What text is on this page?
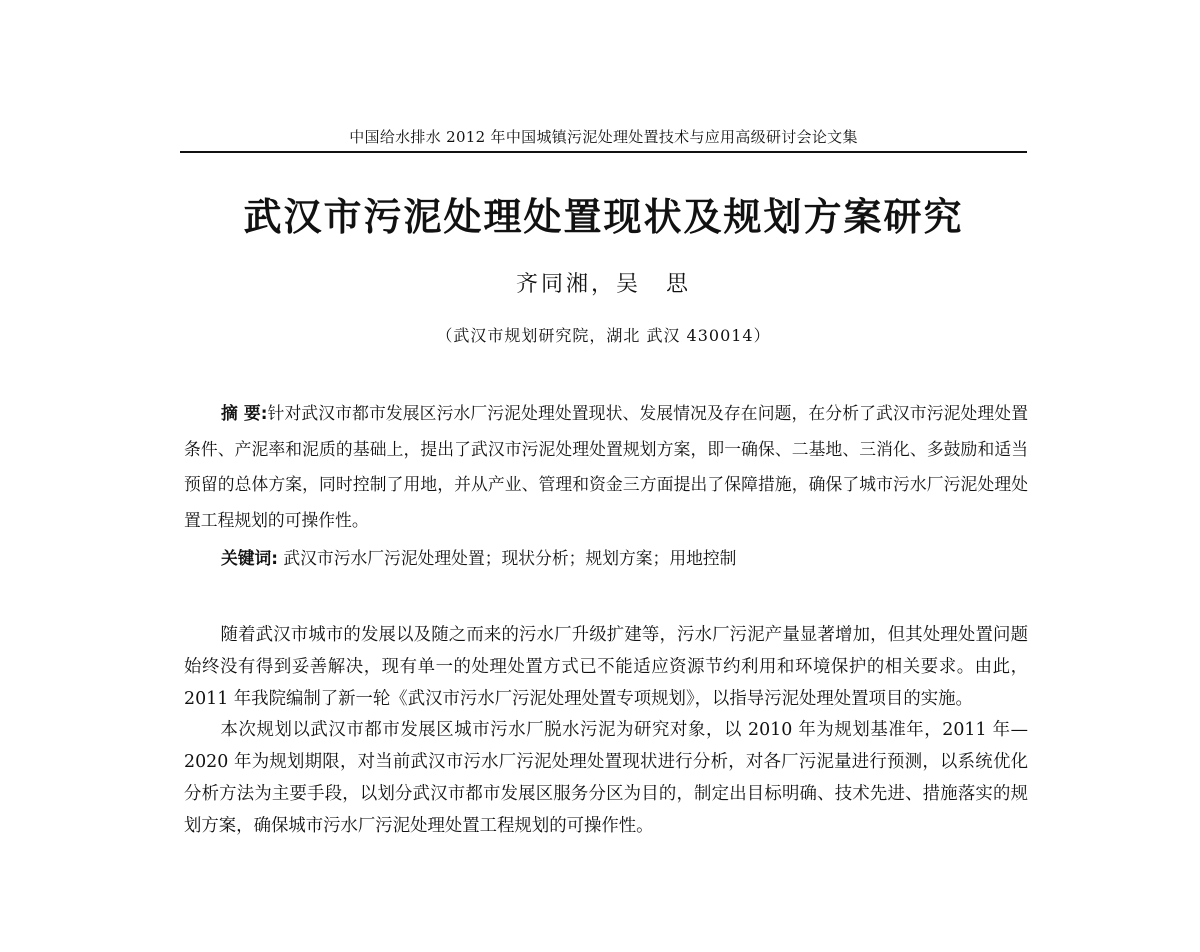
中国给水排水 2012 年中国城镇污泥处理处置技术与应用高级研讨会论文集
武汉市污泥处理处置现状及规划方案研究
齐同湘，吴　思
（武汉市规划研究院，湖北 武汉 430014）

摘 要:针对武汉市都市发展区污水厂污泥处理处置现状、发展情况及存在问题，在分析了武汉市污泥处理处置条件、产泥率和泥质的基础上，提出了武汉市污泥处理处置规划方案，即一确保、二基地、三消化、多鼓励和适当预留的总体方案，同时控制了用地，并从产业、管理和资金三方面提出了保障措施，确保了城市污水厂污泥处理处置工程规划的可操作性。

关键词: 武汉市污水厂污泥处理处置；现状分析；规划方案；用地控制

随着武汉市城市的发展以及随之而来的污水厂升级扩建等，污水厂污泥产量显著增加，但其处理处置问题始终没有得到妥善解决，现有单一的处理处置方式已不能适应资源节约利用和环境保护的相关要求。由此，2011 年我院编制了新一轮《武汉市污水厂污泥处理处置专项规划》，以指导污泥处理处置项目的实施。

本次规划以武汉市都市发展区城市污水厂脱水污泥为研究对象，以 2010 年为规划基准年，2011 年—2020 年为规划期限，对当前武汉市污水厂污泥处理处置现状进行分析，对各厂污泥量进行预测，以系统优化分析方法为主要手段，以划分武汉市都市发展区服务分区为目的，制定出目标明确、技术先进、措施落实的规划方案，确保城市污水厂污泥处理处置工程规划的可操作性。
